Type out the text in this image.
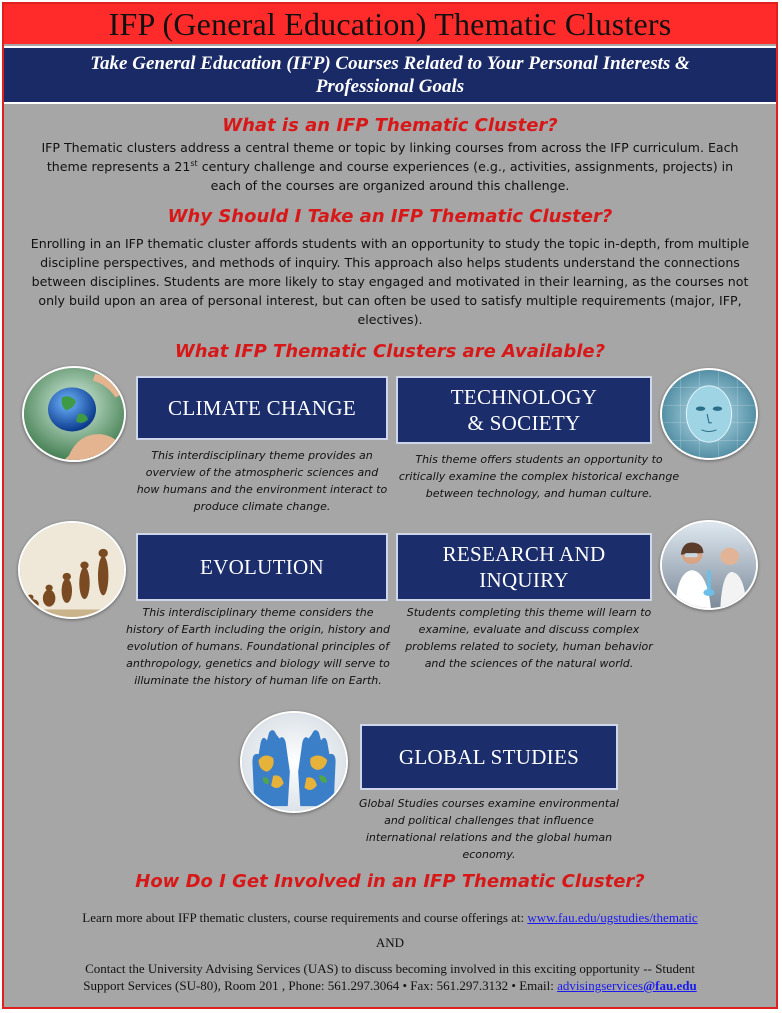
IFP (General Education) Thematic Clusters

Take General Education (IFP) Courses Related to Your Personal Interests & Professional Goals

What is an IFP Thematic Cluster?

IFP Thematic clusters address a central theme or topic by linking courses from across the IFP curriculum. Each theme represents a 21st century challenge and course experiences (e.g., activities, assignments, projects) in each of the courses are organized around this challenge.

Why Should I Take an IFP Thematic Cluster?

Enrolling in an IFP thematic cluster affords students with an opportunity to study the topic in-depth, from multiple discipline perspectives, and methods of inquiry. This approach also helps students understand the connections between disciplines. Students are more likely to stay engaged and motivated in their learning, as the courses not only build upon an area of personal interest, but can often be used to satisfy multiple requirements (major, IFP, electives).

What IFP Thematic Clusters are Available?
CLIMATE CHANGE

This interdisciplinary theme provides an overview of the atmospheric sciences and how humans and the environment interact to produce climate change.

TECHNOLOGY
& SOCIETY

This theme offers students an opportunity to critically examine the complex historical exchange between technology, and human culture.

EVOLUTION

This interdisciplinary theme considers the history of Earth including the origin, history and evolution of humans. Foundational principles of anthropology, genetics and biology will serve to illuminate the history of human life on Earth.

RESEARCH AND
INQUIRY

Students completing this theme will learn to examine, evaluate and discuss complex problems related to society, human behavior and the sciences of the natural world.

GLOBAL STUDIES

Global Studies courses examine environmental and political challenges that influence international relations and the global human economy.

How Do I Get Involved in an IFP Thematic Cluster?

Learn more about IFP thematic clusters, course requirements and course offerings at: www.fau.edu/ugstudies/thematic

AND

Contact the University Advising Services (UAS) to discuss becoming involved in this exciting opportunity -- Student

Support Services (SU-80), Room 201 , Phone: 561.297.3064 • Fax: 561.297.3132 • Email: advisingservices@fau.edu
